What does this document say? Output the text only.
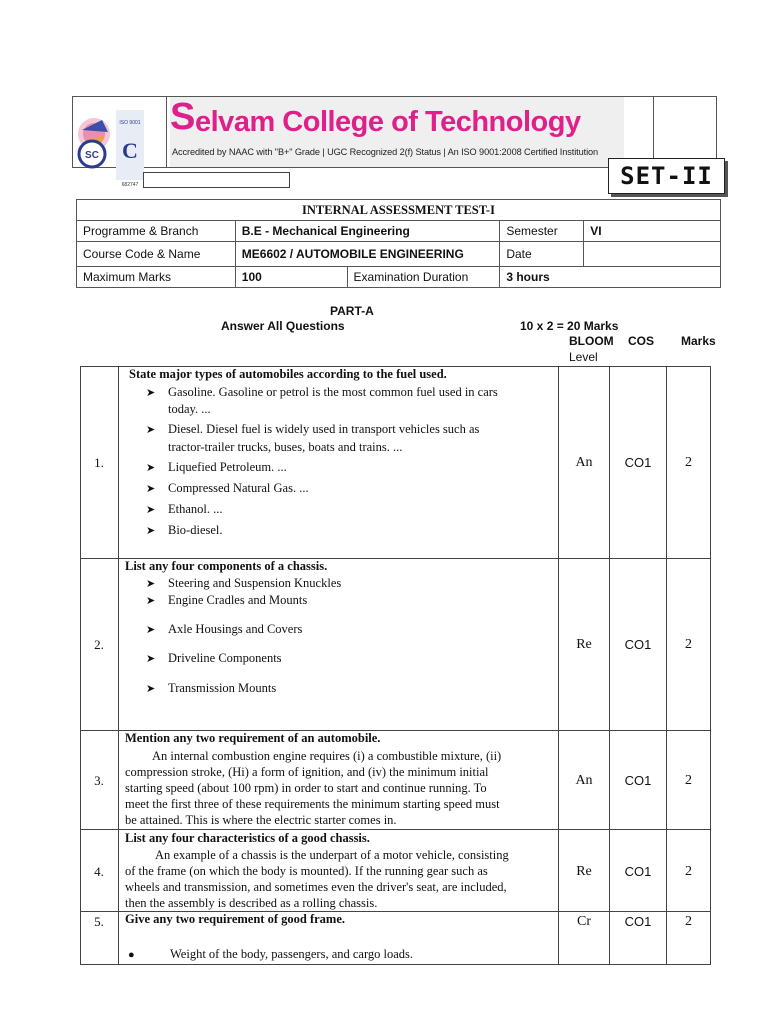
SC
ISO 9001
C
682747
S elvam College of Technology
Accredited by NAAC with "B+" Grade | UGC Recognized 2(f) Status | An ISO 9001:2008 Certified Institution
SET-II
INTERNAL ASSESSMENT TEST-I				
Programme & Branch	B.E - Mechanical Engineering		Semester	VI
Course Code & Name	ME6602 / AUTOMOBILE ENGINEERING		Date	
Maximum Marks	100	Examination Duration	3 hours	
PART-A
Answer All Questions	10 x 2 = 20 Marks
BLOOM COS Marks
Level
1.
State major types of automobiles according to the fuel used.
➤ Gasoline. Gasoline or petrol is the most common fuel used in cars
today. ...
➤ Diesel. Diesel fuel is widely used in transport vehicles such as
tractor-trailer trucks, buses, boats and trains. ...
➤ Liquefied Petroleum. ...
➤ Compressed Natural Gas. ...
➤ Ethanol. ...
➤ Bio-diesel.
An	CO1	2
2.
List any four components of a chassis.
➤ Steering and Suspension Knuckles
➤ Engine Cradles and Mounts
➤ Axle Housings and Covers
➤ Driveline Components
➤ Transmission Mounts
Re	CO1	2
3.
Mention any two requirement of an automobile.
An internal combustion engine requires (i) a combustible mixture, (ii)
compression stroke, (Hi) a form of ignition, and (iv) the minimum initial
starting speed (about 100 rpm) in order to start and continue running. To
meet the first three of these requirements the minimum starting speed must
be attained. This is where the electric starter comes in.
An	CO1	2
4.
List any four characteristics of a good chassis.
An example of a chassis is the underpart of a motor vehicle, consisting
of the frame (on which the body is mounted). If the running gear such as
wheels and transmission, and sometimes even the driver's seat, are included,
then the assembly is described as a rolling chassis.
Re	CO1	2
5.	Give any two requirement of good frame.
●	Weight of the body, passengers, and cargo loads.
Cr	CO1	2
